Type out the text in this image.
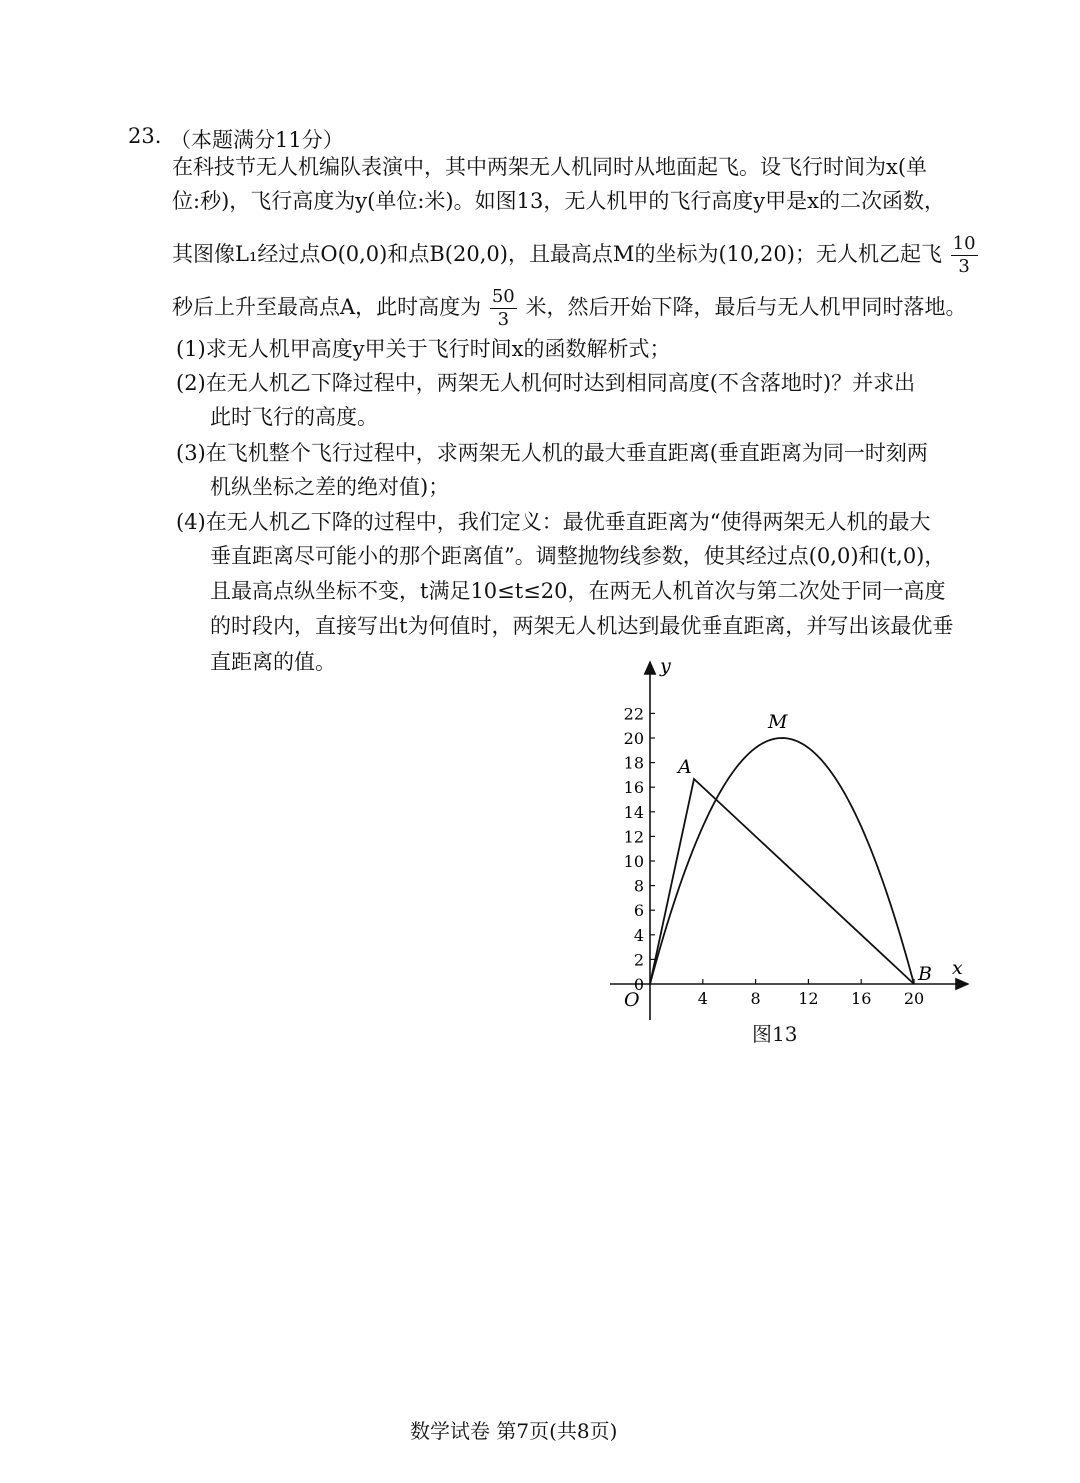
23. （本题满分11分）
在科技节无人机编队表演中，其中两架无人机同时从地面起飞。设飞行时间为x(单
位:秒)，飞行高度为y(单位:米)。如图13，无人机甲的飞行高度y甲是x的二次函数，
其图像L₁经过点O(0,0)和点B(20,0)，且最高点M的坐标为(10,20)；无人机乙起飞 $\frac{10}{3}$
秒后上升至最高点A，此时高度为 $\frac{50}{3}$ 米，然后开始下降，最后与无人机甲同时落地。
(1)求无人机甲高度y甲关于飞行时间x的函数解析式；
(2)在无人机乙下降过程中，两架无人机何时达到相同高度(不含落地时)？并求出
此时飞行的高度。
(3)在飞机整个飞行过程中，求两架无人机的最大垂直距离(垂直距离为同一时刻两
机纵坐标之差的绝对值)；
(4)在无人机乙下降的过程中，我们定义：最优垂直距离为“使得两架无人机的最大
垂直距离尽可能小的那个距离值”。调整抛物线参数，使其经过点(0,0)和(t,0)，
且最高点纵坐标不变，t满足10≤t≤20，在两无人机首次与第二次处于同一高度
的时段内，直接写出t为何值时，两架无人机达到最优垂直距离，并写出该最优垂
直距离的值。
4	8 12 16 20
0
2
4
6
8
10
12
14
16
18
20
22
x
y
O
M
A
B
图13
数学试卷 第7页(共8页)
